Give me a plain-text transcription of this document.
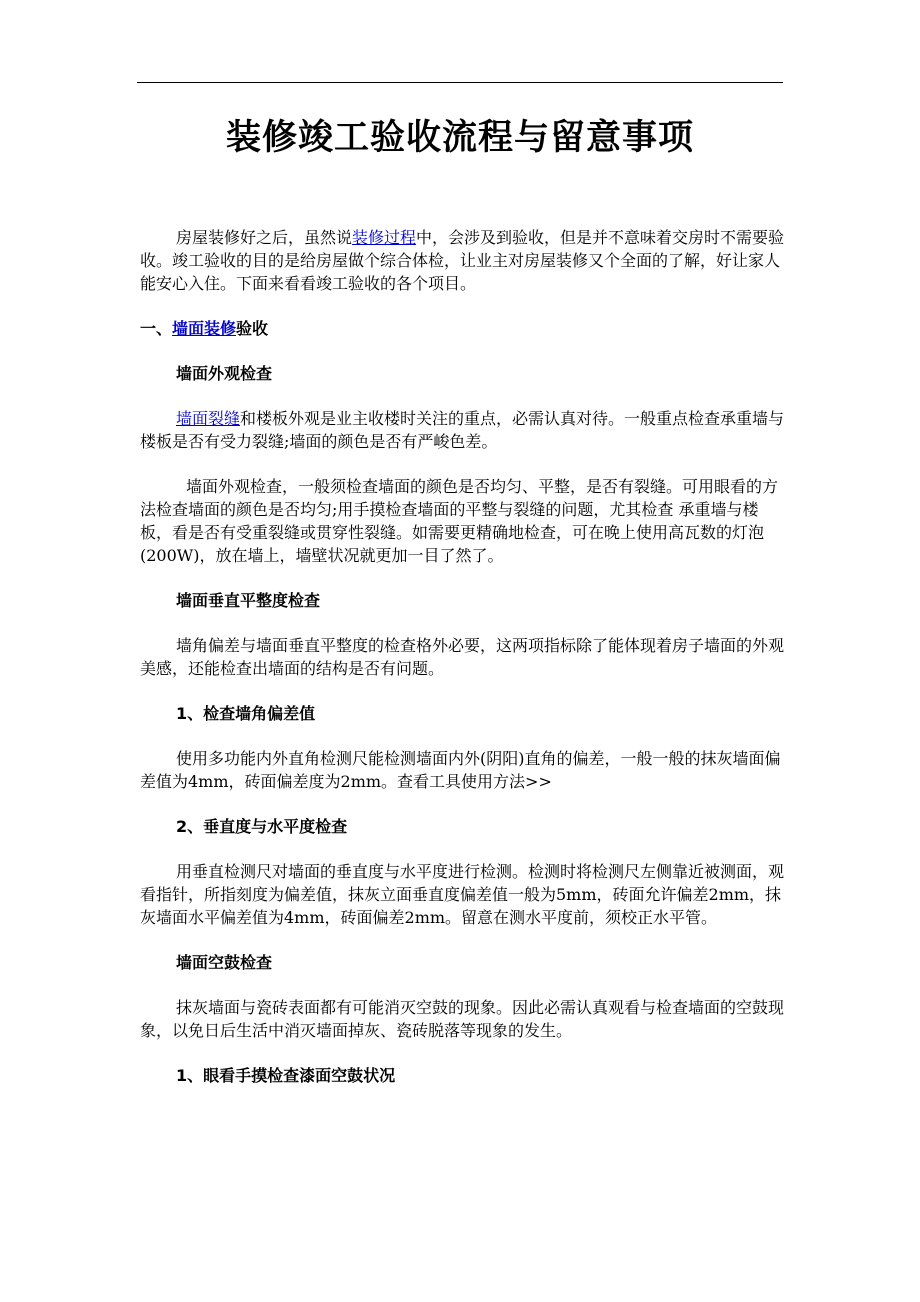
装修竣工验收流程与留意事项

房屋装修好之后，虽然说装修过程中，会涉及到验收，但是并不意味着交房时不需要验收。竣工验收的目的是给房屋做个综合体检，让业主对房屋装修又个全面的了解，好让家人能安心入住。下面来看看竣工验收的各个项目。

一、墙面装修验收

墙面外观检查

墙面裂缝和楼板外观是业主收楼时关注的重点，必需认真对待。一般重点检查承重墙与楼板是否有受力裂缝;墙面的颜色是否有严峻色差。

墙面外观检查，一般须检查墙面的颜色是否均匀、平整，是否有裂缝。可用眼看的方法检查墙面的颜色是否均匀;用手摸检查墙面的平整与裂缝的问题，尤其检查 承重墙与楼板，看是否有受重裂缝或贯穿性裂缝。如需要更精确地检查，可在晚上使用高瓦数的灯泡(200W)，放在墙上，墙壁状况就更加一目了然了。

墙面垂直平整度检查

墙角偏差与墙面垂直平整度的检查格外必要，这两项指标除了能体现着房子墙面的外观美感，还能检查出墙面的结构是否有问题。

1、检查墙角偏差值

使用多功能内外直角检测尺能检测墙面内外(阴阳)直角的偏差，一般一般的抹灰墙面偏差值为4mm，砖面偏差度为2mm。查看工具使用方法>>

2、垂直度与水平度检查

用垂直检测尺对墙面的垂直度与水平度进行检测。检测时将检测尺左侧靠近被测面，观看指针，所指刻度为偏差值，抹灰立面垂直度偏差值一般为5mm，砖面允许偏差2mm，抹灰墙面水平偏差值为4mm，砖面偏差2mm。留意在测水平度前，须校正水平管。

墙面空鼓检查

抹灰墙面与瓷砖表面都有可能消灭空鼓的现象。因此必需认真观看与检查墙面的空鼓现象，以免日后生活中消灭墙面掉灰、瓷砖脱落等现象的发生。

1、眼看手摸检查漆面空鼓状况
